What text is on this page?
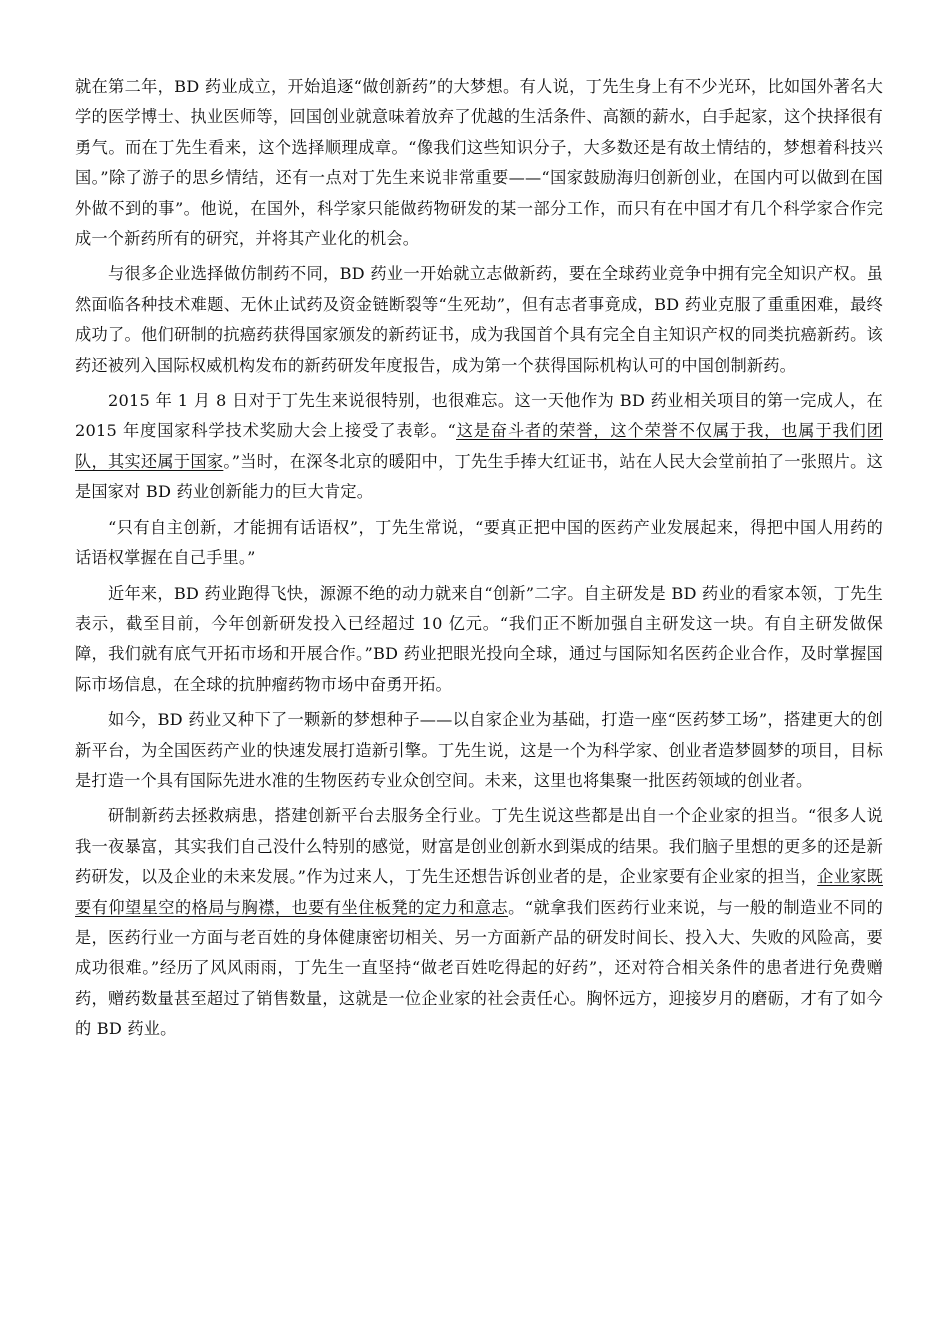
就在第二年，BD 药业成立，开始追逐“做创新药”的大梦想。有人说，丁先生身上有不少光环，比如国外著名大学的医学博士、执业医师等，回国创业就意味着放弃了优越的生活条件、高额的薪水，白手起家，这个抉择很有勇气。而在丁先生看来，这个选择顺理成章。“像我们这些知识分子，大多数还是有故土情结的，梦想着科技兴国。”除了游子的思乡情结，还有一点对丁先生来说非常重要——“国家鼓励海归创新创业，在国内可以做到在国外做不到的事”。他说，在国外，科学家只能做药物研发的某一部分工作，而只有在中国才有几个科学家合作完成一个新药所有的研究，并将其产业化的机会。

与很多企业选择做仿制药不同，BD 药业一开始就立志做新药，要在全球药业竞争中拥有完全知识产权。虽然面临各种技术难题、无休止试药及资金链断裂等“生死劫”，但有志者事竟成，BD 药业克服了重重困难，最终成功了。他们研制的抗癌药获得国家颁发的新药证书，成为我国首个具有完全自主知识产权的同类抗癌新药。该药还被列入国际权威机构发布的新药研发年度报告，成为第一个获得国际机构认可的中国创制新药。

2015 年 1 月 8 日对于丁先生来说很特别，也很难忘。这一天他作为 BD 药业相关项目的第一完成人，在 2015 年度国家科学技术奖励大会上接受了表彰。“这是奋斗者的荣誉，这个荣誉不仅属于我，也属于我们团队，其实还属于国家。”当时，在深冬北京的暖阳中，丁先生手捧大红证书，站在人民大会堂前拍了一张照片。这是国家对 BD 药业创新能力的巨大肯定。

“只有自主创新，才能拥有话语权”，丁先生常说，“要真正把中国的医药产业发展起来，得把中国人用药的话语权掌握在自己手里。”

近年来，BD 药业跑得飞快，源源不绝的动力就来自“创新”二字。自主研发是 BD 药业的看家本领，丁先生表示，截至目前，今年创新研发投入已经超过 10 亿元。“我们正不断加强自主研发这一块。有自主研发做保障，我们就有底气开拓市场和开展合作。”BD 药业把眼光投向全球，通过与国际知名医药企业合作，及时掌握国际市场信息，在全球的抗肿瘤药物市场中奋勇开拓。

如今，BD 药业又种下了一颗新的梦想种子——以自家企业为基础，打造一座“医药梦工场”，搭建更大的创新平台，为全国医药产业的快速发展打造新引擎。丁先生说，这是一个为科学家、创业者造梦圆梦的项目，目标是打造一个具有国际先进水准的生物医药专业众创空间。未来，这里也将集聚一批医药领域的创业者。

研制新药去拯救病患，搭建创新平台去服务全行业。丁先生说这些都是出自一个企业家的担当。“很多人说我一夜暴富，其实我们自己没什么特别的感觉，财富是创业创新水到渠成的结果。我们脑子里想的更多的还是新药研发，以及企业的未来发展。”作为过来人，丁先生还想告诉创业者的是，企业家要有企业家的担当，企业家既要有仰望星空的格局与胸襟，也要有坐住板凳的定力和意志。“就拿我们医药行业来说，与一般的制造业不同的是，医药行业一方面与老百姓的身体健康密切相关、另一方面新产品的研发时间长、投入大、失败的风险高，要成功很难。”经历了风风雨雨，丁先生一直坚持“做老百姓吃得起的好药”，还对符合相关条件的患者进行免费赠药，赠药数量甚至超过了销售数量，这就是一位企业家的社会责任心。胸怀远方，迎接岁月的磨砺，才有了如今的 BD 药业。
